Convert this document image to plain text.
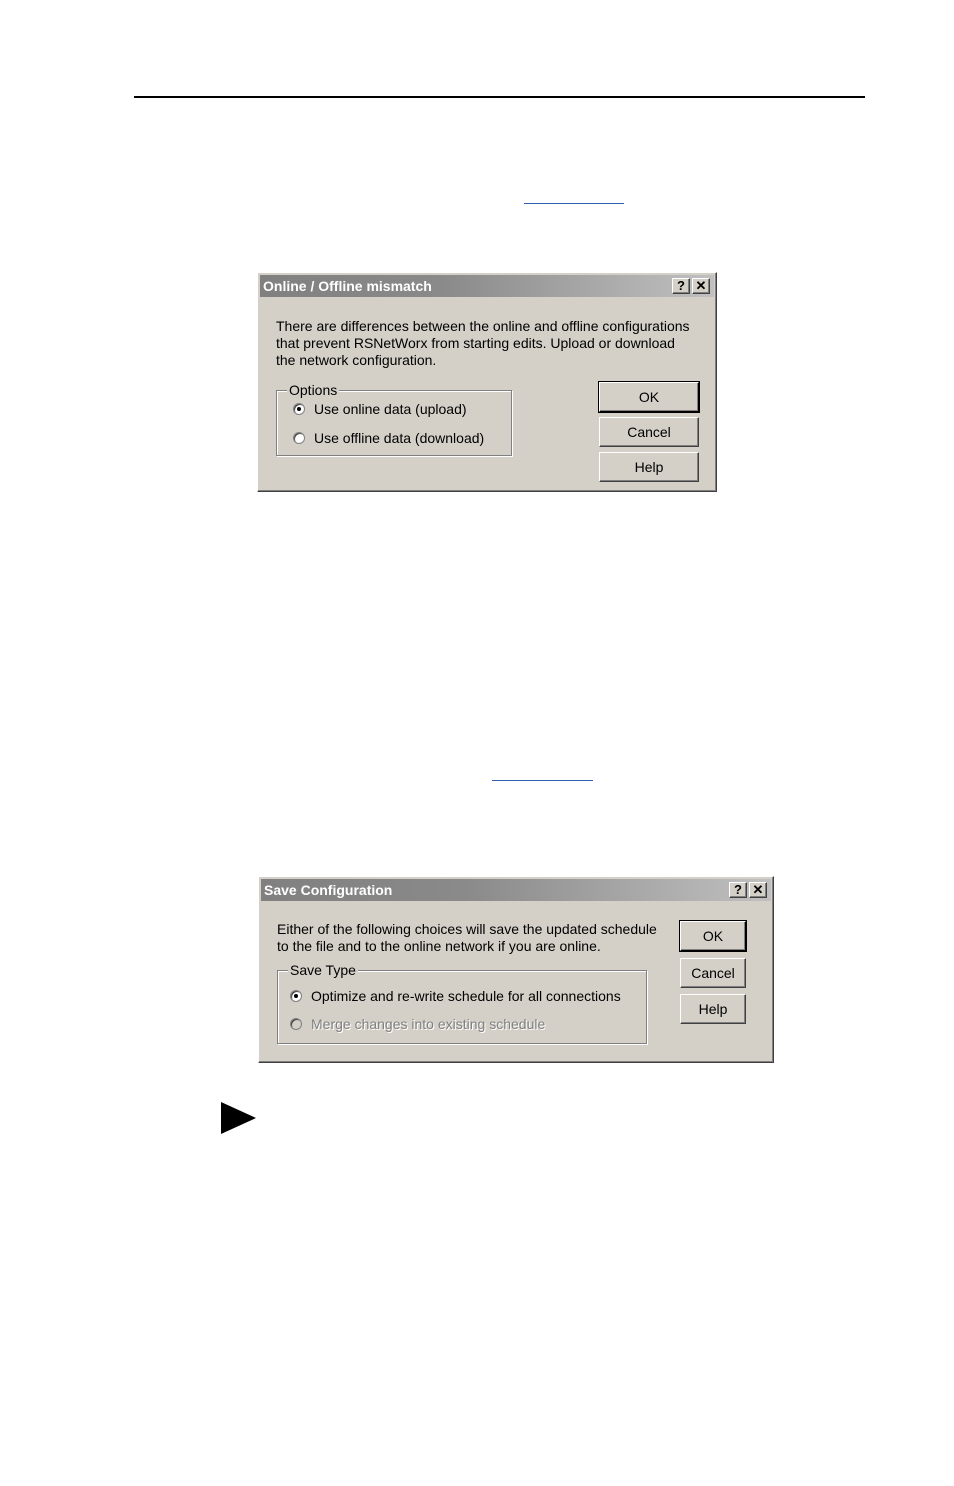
Online / Offline mismatch	? ✕
There are differences between the online and offline configurations
that prevent RSNetWorx from starting edits. Upload or download
the network configuration.
Options
Use online data (upload)
Use offline data (download)
OK
Cancel
Help
Save Configuration	? ✕
Either of the following choices will save the updated schedule
to the file and to the online network if you are online.
Save Type
Optimize and re-write schedule for all connections
Merge changes into existing schedule
OK
Cancel
Help
